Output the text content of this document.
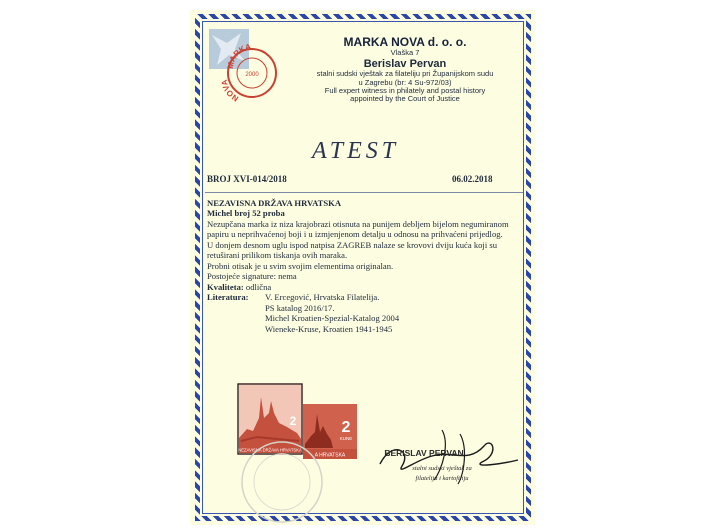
MARKA
NOVA
2000
MARKA NOVA d. o. o.
Vlaška 7
Berislav Pervan
stalni sudski vještak za filateliju pri Županijskom sudu
u Zagrebu (br: 4 Su-972/03)
Full expert witness in philately and postal history
appointed by the Court of Justice
ATEST
BROJ XVI-014/2018	06.02.2018

NEZAVISNA DRŽAVA HRVATSKA

Michel broj 52 proba

Nezupčana marka iz niza krajobrazi otisnuta na punijem debljem bijelom negumiranom papiru u neprihvaćenoj boji i u izmjenjenom detalju u odnosu na prihvaćeni prijedlog.

U donjem desnom uglu ispod natpisa ZAGREB nalaze se krovovi dviju kuća koji su retuširani prilikom tiskanja ovih maraka.

Probni otisak je u svim svojim elementima originalan.

Postojeće signature: nema

Kvaliteta: odlična

Literatura:	V. Ercegović, Hrvatska Filatelija.
PS katalog 2016/17.
Michel Kroatien-Spezial-Katalog 2004
Wieneke-Kruse, Kroatien 1941-1945
2
NEZAVISNA DRŽAVA HRVATSKA
2
KUNE
A HRVATSKA	BERISLAV PERVAN
stalni sudski vještak za
filateliju i kartofiliju
